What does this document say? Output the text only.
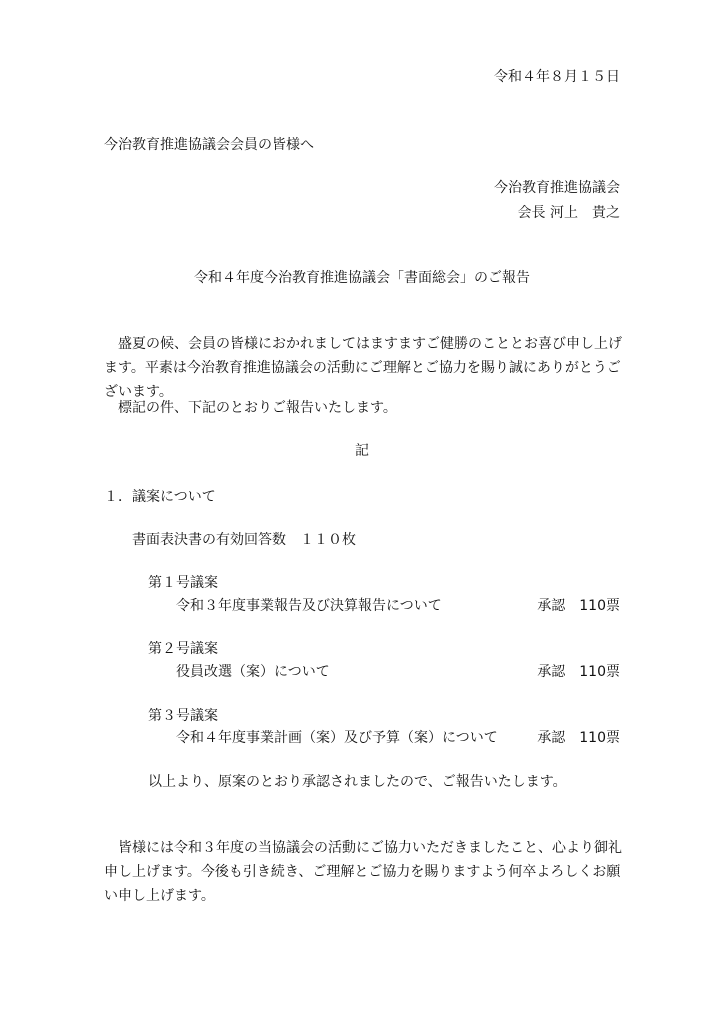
令和４年８月１５日
今治教育推進協議会会員の皆様へ
今治教育推進協議会
会長 河上　貴之
令和４年度今治教育推進協議会「書面総会」のご報告

盛夏の候、会員の皆様におかれましてはますますご健勝のこととお喜び申し上げます。平素は今治教育推進協議会の活動にご理解とご協力を賜り誠にありがとうございます。

標記の件、下記のとおりご報告いたします。
記
１．議案について
書面表決書の有効回答数　１１０枚
第１号議案
令和３年度事業報告及び決算報告について	承認　110票
第２号議案
役員改選（案）について	承認　110票
第３号議案
令和４年度事業計画（案）及び予算（案）について	承認　110票
以上より、原案のとおり承認されましたので、ご報告いたします。

皆様には令和３年度の当協議会の活動にご協力いただきましたこと、心より御礼申し上げます。今後も引き続き、ご理解とご協力を賜りますよう何卒よろしくお願い申し上げます。
